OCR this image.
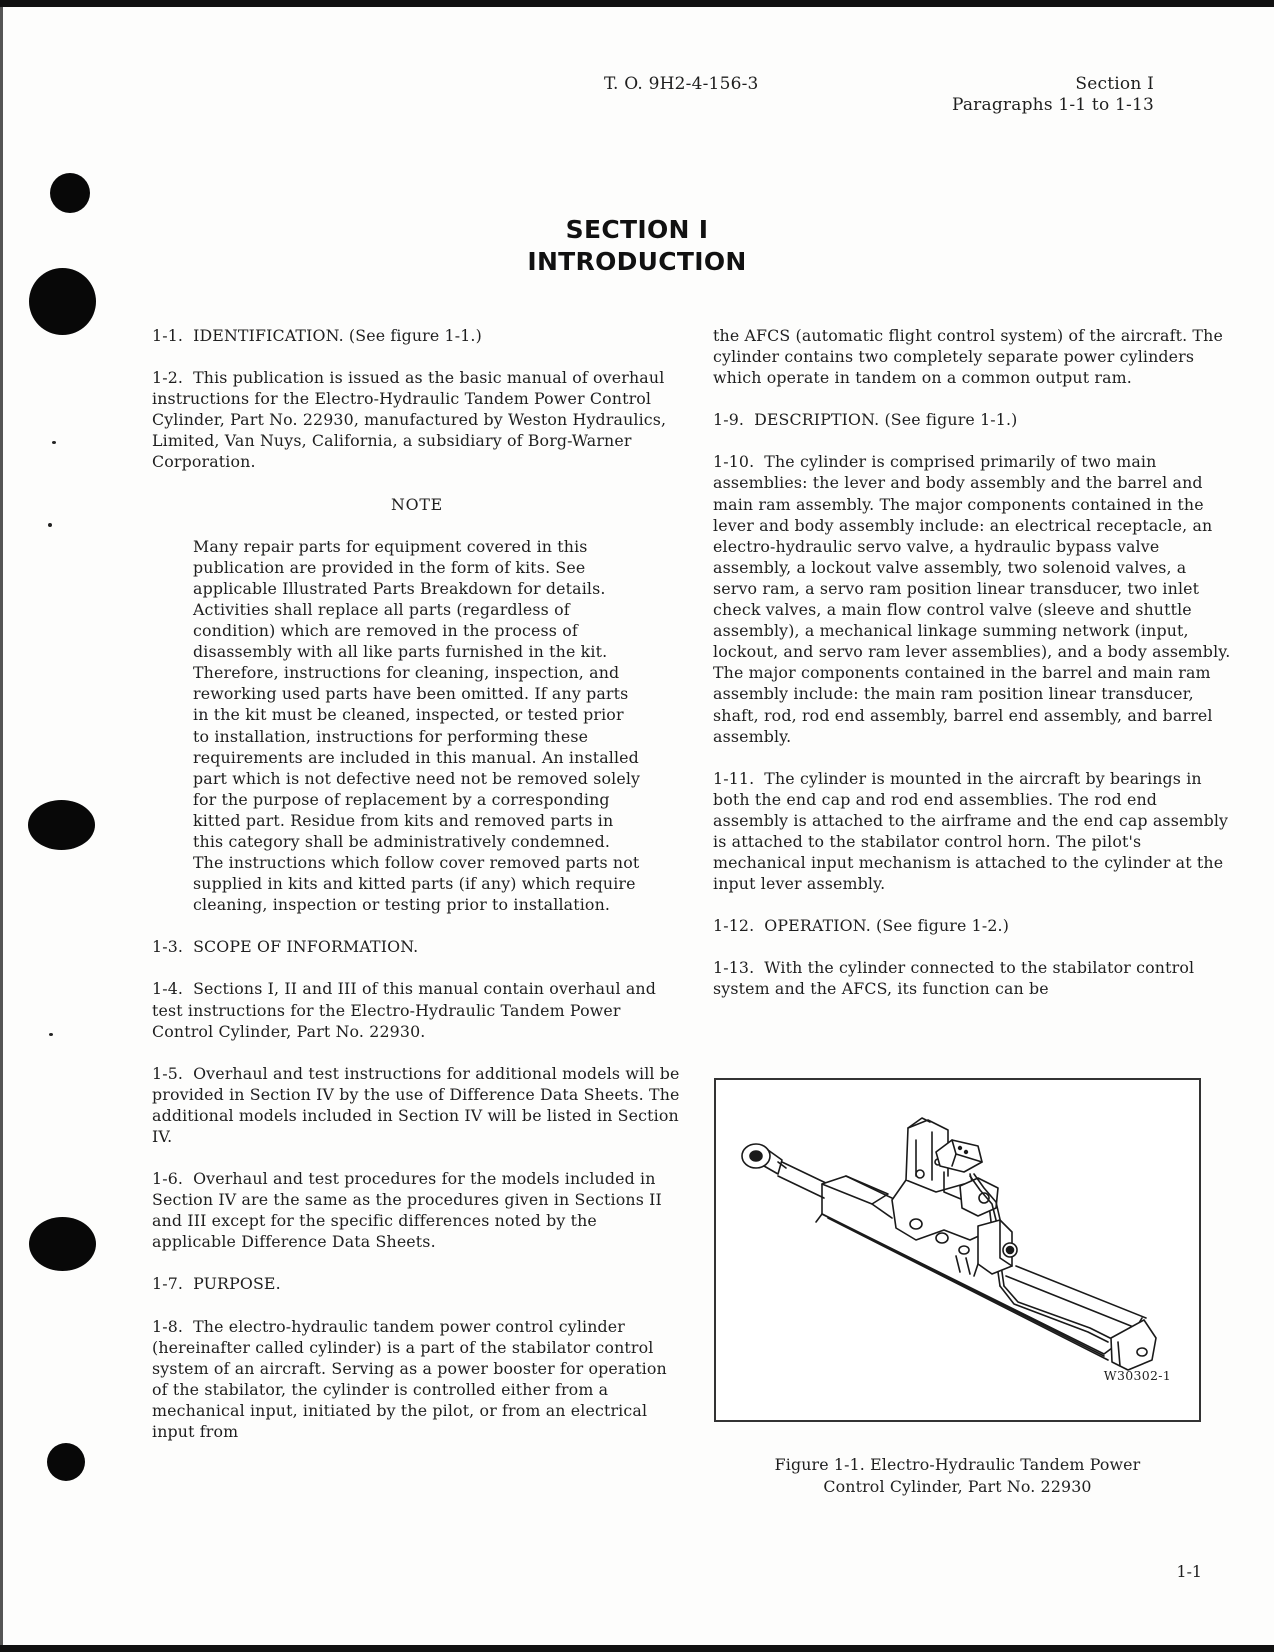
T. O. 9H2-4-156-3	Section I
Paragraphs 1-1 to 1-13
SECTION I
INTRODUCTION

1-1. IDENTIFICATION. (See figure 1-1.)

1-2. This publication is issued as the basic manual of overhaul instructions for the Electro-Hydraulic Tandem Power Control Cylinder, Part No. 22930, manufactured by Weston Hydraulics, Limited, Van Nuys, California, a subsidiary of Borg-Warner Corporation.

NOTE

Many repair parts for equipment covered in this publication are provided in the form of kits. See applicable Illustrated Parts Breakdown for details. Activities shall replace all parts (regardless of condition) which are removed in the process of disassembly with all like parts furnished in the kit. Therefore, instructions for cleaning, inspection, and reworking used parts have been omitted. If any parts in the kit must be cleaned, inspected, or tested prior to installation, instructions for performing these requirements are included in this manual. An installed part which is not defective need not be removed solely for the purpose of replacement by a corresponding kitted part. Residue from kits and removed parts in this category shall be administratively condemned. The instructions which follow cover removed parts not supplied in kits and kitted parts (if any) which require cleaning, inspection or testing prior to installation.

1-3. SCOPE OF INFORMATION.

1-4. Sections I, II and III of this manual contain overhaul and test instructions for the Electro-Hydraulic Tandem Power Control Cylinder, Part No. 22930.

1-5. Overhaul and test instructions for additional models will be provided in Section IV by the use of Difference Data Sheets. The additional models included in Section IV will be listed in Section IV.

1-6. Overhaul and test procedures for the models included in Section IV are the same as the procedures given in Sections II and III except for the specific differences noted by the applicable Difference Data Sheets.

1-7. PURPOSE.

1-8. The electro-hydraulic tandem power control cylinder (hereinafter called cylinder) is a part of the stabilator control system of an aircraft. Serving as a power booster for operation of the stabilator, the cylinder is controlled either from a mechanical input, initiated by the pilot, or from an electrical input from

the AFCS (automatic flight control system) of the aircraft. The cylinder contains two completely separate power cylinders which operate in tandem on a common output ram.

1-9. DESCRIPTION. (See figure 1-1.)

1-10. The cylinder is comprised primarily of two main assemblies: the lever and body assembly and the barrel and main ram assembly. The major components contained in the lever and body assembly include: an electrical receptacle, an electro-hydraulic servo valve, a hydraulic bypass valve assembly, a lockout valve assembly, two solenoid valves, a servo ram, a servo ram position linear transducer, two inlet check valves, a main flow control valve (sleeve and shuttle assembly), a mechanical linkage summing network (input, lockout, and servo ram lever assemblies), and a body assembly. The major components contained in the barrel and main ram assembly include: the main ram position linear transducer, shaft, rod, rod end assembly, barrel end assembly, and barrel assembly.

1-11. The cylinder is mounted in the aircraft by bearings in both the end cap and rod end assemblies. The rod end assembly is attached to the airframe and the end cap assembly is attached to the stabilator control horn. The pilot's mechanical input mechanism is attached to the cylinder at the input lever assembly.

1-12. OPERATION. (See figure 1-2.)

1-13. With the cylinder connected to the stabilator control system and the AFCS, its function can be

W30302-1
Figure 1-1. Electro-Hydraulic Tandem Power
Control Cylinder, Part No. 22930
1-1
